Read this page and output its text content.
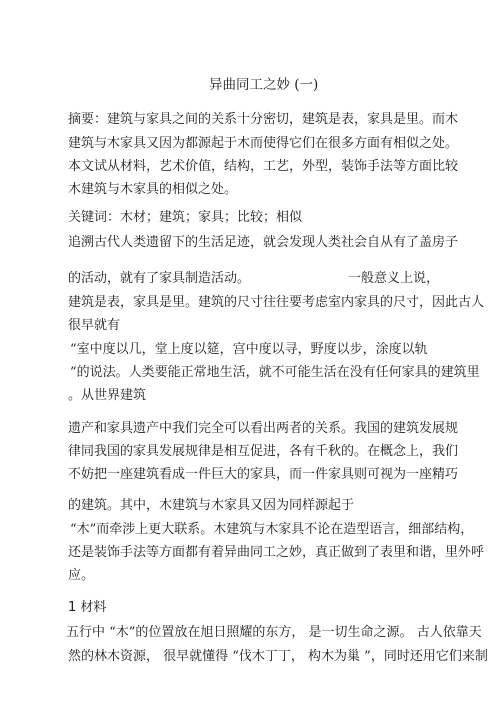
异曲同工之妙 (一)
摘要：建筑与家具之间的关系十分密切，建筑是表，家具是里。而木
建筑与木家具又因为都源起于木而使得它们在很多方面有相似之处。
本文试从材料，艺术价值，结构，工艺，外型，装饰手法等方面比较
木建筑与木家具的相似之处。
关键词：木材；建筑；家具；比较；相似
追溯古代人类遗留下的生活足迹，就会发现人类社会自从有了盖房子
的活动，就有了家具制造活动。	一般意义上说，
建筑是表，家具是里。建筑的尺寸往往要考虑室内家具的尺寸，因此古人
很早就有
“室中度以几，堂上度以筵，宫中度以寻，野度以步，涂度以轨
”的说法。人类要能正常地生活，就不可能生活在没有任何家具的建筑里
。从世界建筑
遗产和家具遗产中我们完全可以看出两者的关系。我国的建筑发展规
律同我国的家具发展规律是相互促进，各有千秋的。在概念上，我们
不妨把一座建筑看成一件巨大的家具，而一件家具则可视为一座精巧
的建筑。其中，木建筑与木家具又因为同样源起于
“木”而牵涉上更大联系。木建筑与木家具不论在造型语言，细部结构，
还是装饰手法等方面都有着异曲同工之妙，真正做到了表里和谐，里外呼
应。
1 材料
五行中 “木”的位置放在旭日照耀的东方， 是一切生命之源。 古人依靠天
然的林木资源， 很早就懂得 “伐木丁丁， 构木为巢 ”，同时还用它们来制
